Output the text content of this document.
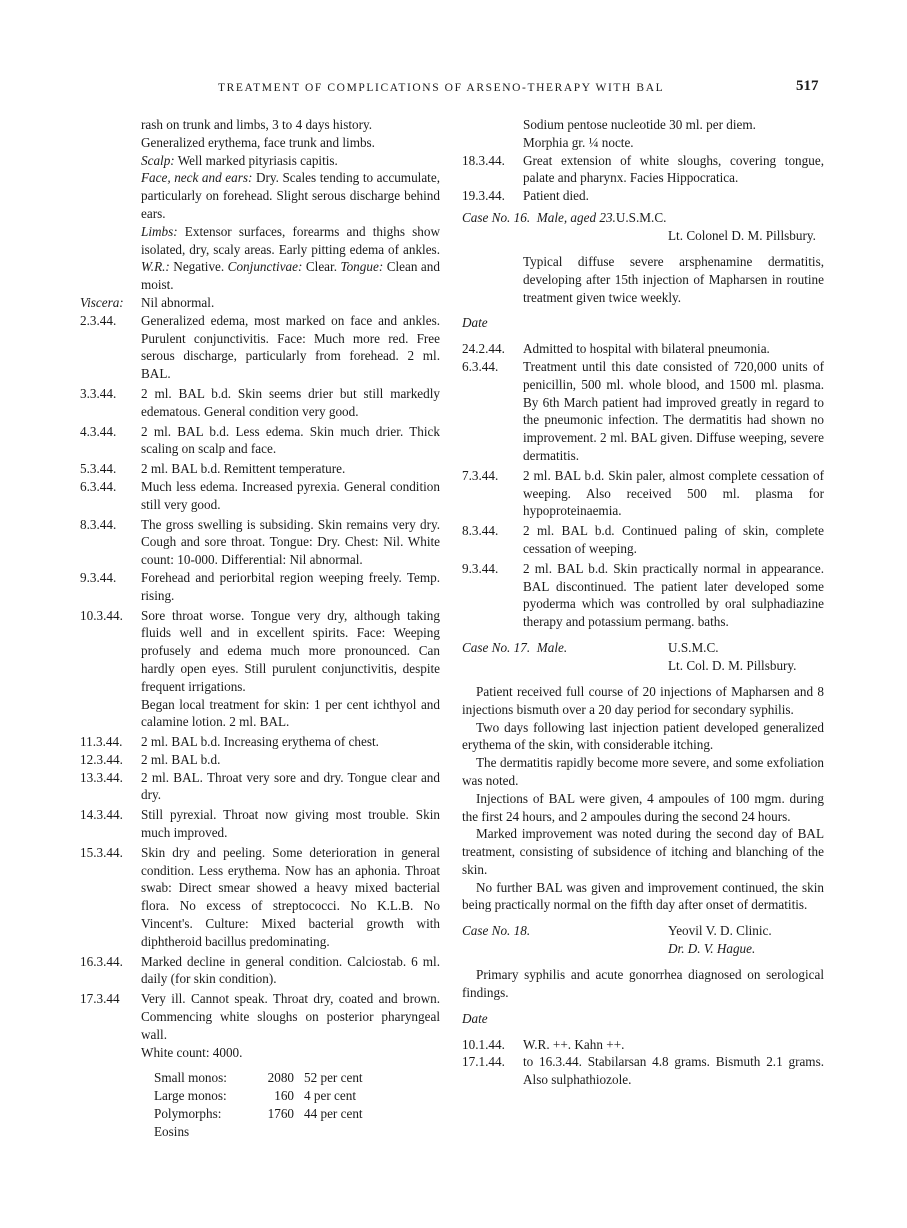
TREATMENT OF COMPLICATIONS OF ARSENO-THERAPY WITH BAL	517

rash on trunk and limbs, 3 to 4 days history.

Generalized erythema, face trunk and limbs.

Scalp: Well marked pityriasis capitis.

Face, neck and ears: Dry. Scales tending to accumulate, particularly on forehead. Slight serous discharge behind ears.

Limbs: Extensor surfaces, forearms and thighs show isolated, dry, scaly areas. Early pitting edema of ankles. W.R.: Negative. Conjunctivae: Clear. Tongue: Clean and moist.

Viscera: Nil abnormal.

2.3.44. Generalized edema, most marked on face and ankles. Purulent conjunctivitis. Face: Much more red. Free serous discharge, particularly from forehead. 2 ml. BAL.
3.3.44. 2 ml. BAL b.d. Skin seems drier but still markedly edematous. General condition very good.
4.3.44. 2 ml. BAL b.d. Less edema. Skin much drier. Thick scaling on scalp and face.
5.3.44. 2 ml. BAL b.d. Remittent temperature.
6.3.44. Much less edema. Increased pyrexia. General condition still very good.
8.3.44. The gross swelling is subsiding. Skin remains very dry. Cough and sore throat. Tongue: Dry. Chest: Nil. White count: 10-000. Differential: Nil abnormal.
9.3.44. Forehead and periorbital region weeping freely. Temp. rising.
10.3.44. Sore throat worse. Tongue very dry, although taking fluids well and in excellent spirits. Face: Weeping profusely and edema much more pronounced. Can hardly open eyes. Still purulent conjunctivitis, despite frequent irrigations.

Began local treatment for skin: 1 per cent ichthyol and calamine lotion. 2 ml. BAL.

11.3.44. 2 ml. BAL b.d. Increasing erythema of chest.
12.3.44. 2 ml. BAL b.d.
13.3.44. 2 ml. BAL. Throat very sore and dry. Tongue clear and dry.
14.3.44. Still pyrexial. Throat now giving most trouble. Skin much improved.
15.3.44. Skin dry and peeling. Some deterioration in general condition. Less erythema. Now has an aphonia. Throat swab: Direct smear showed a heavy mixed bacterial flora. No excess of streptococci. No K.L.B. No Vincent's. Culture: Mixed bacterial growth with diphtheroid bacillus predominating.
16.3.44. Marked decline in general condition. Calciostab. 6 ml. daily (for skin condition).
17.3.44 Very ill. Cannot speak. Throat dry, coated and brown. Commencing white sloughs on posterior pharyngeal wall.

White count: 4000.

Small monos:	2080 52 per cent
Large monos:	160 4 per cent
Polymorphs:	1760 44 per cent
Eosins

Sodium pentose nucleotide 30 ml. per diem.

Morphia gr. ¼ nocte.

18.3.44. Great extension of white sloughs, covering tongue, palate and pharynx. Facies Hippocratica.
19.3.44. Patient died.

Case No. 16. Male, aged 23.U.S.M.C.

Lt. Colonel D. M. Pillsbury.

Typical diffuse severe arsphenamine dermatitis, developing after 15th injection of Mapharsen in routine treatment given twice weekly.

Date

24.2.44. Admitted to hospital with bilateral pneumonia.
6.3.44. Treatment until this date consisted of 720,000 units of penicillin, 500 ml. whole blood, and 1500 ml. plasma. By 6th March patient had improved greatly in regard to the pneumonic infection. The dermatitis had shown no improvement. 2 ml. BAL given. Diffuse weeping, severe dermatitis.
7.3.44. 2 ml. BAL b.d. Skin paler, almost complete cessation of weeping. Also received 500 ml. plasma for hypoproteinaemia.
8.3.44. 2 ml. BAL b.d. Continued paling of skin, complete cessation of weeping.
9.3.44. 2 ml. BAL b.d. Skin practically normal in appearance. BAL discontinued. The patient later developed some pyoderma which was controlled by oral sulphadiazine therapy and potassium permang. baths.

Case No. 17. Male.	U.S.M.C.

Lt. Col. D. M. Pillsbury.

Patient received full course of 20 injections of Mapharsen and 8 injections bismuth over a 20 day period for secondary syphilis.

Two days following last injection patient developed generalized erythema of the skin, with considerable itching.

The dermatitis rapidly become more severe, and some exfoliation was noted.

Injections of BAL were given, 4 ampoules of 100 mgm. during the first 24 hours, and 2 ampoules during the second 24 hours.

Marked improvement was noted during the second day of BAL treatment, consisting of subsidence of itching and blanching of the skin.

No further BAL was given and improvement continued, the skin being practically normal on the fifth day after onset of dermatitis.

Case No. 18.	Yeovil V. D. Clinic.

Dr. D. V. Hague.

Primary syphilis and acute gonorrhea diagnosed on serological findings.

Date

10.1.44. W.R. ++. Kahn ++.
17.1.44. to 16.3.44. Stabilarsan 4.8 grams. Bismuth 2.1 grams. Also sulphathiozole.
